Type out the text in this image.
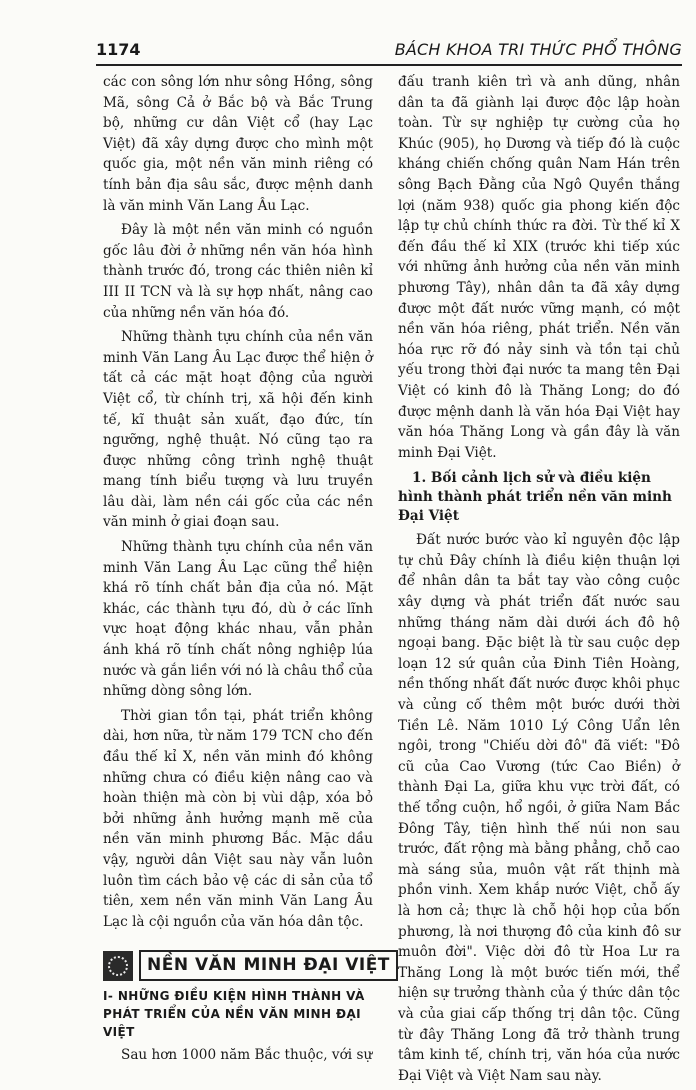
1174	BÁCH KHOA TRI THỨC PHỔ THÔNG

các con sông lớn như sông Hồng, sông Mã, sông Cả ở Bắc bộ và Bắc Trung bộ, những cư dân Việt cổ (hay Lạc Việt) đã xây dựng được cho mình một quốc gia, một nền văn minh riêng có tính bản địa sâu sắc, được mệnh danh là văn minh Văn Lang Âu Lạc.

Đây là một nền văn minh có nguồn gốc lâu đời ở những nền văn hóa hình thành trước đó, trong các thiên niên kỉ III II TCN và là sự hợp nhất, nâng cao của những nền văn hóa đó.

Những thành tựu chính của nền văn minh Văn Lang Âu Lạc được thể hiện ở tất cả các mặt hoạt động của người Việt cổ, từ chính trị, xã hội đến kinh tế, kĩ thuật sản xuất, đạo đức, tín ngưỡng, nghệ thuật. Nó cũng tạo ra được những công trình nghệ thuật mang tính biểu tượng và lưu truyền lâu dài, làm nền cái gốc của các nền văn minh ở giai đoạn sau.

Những thành tựu chính của nền văn minh Văn Lang Âu Lạc cũng thể hiện khá rõ tính chất bản địa của nó. Mặt khác, các thành tựu đó, dù ở các lĩnh vực hoạt động khác nhau, vẫn phản ánh khá rõ tính chất nông nghiệp lúa nước và gắn liền với nó là châu thổ của những dòng sông lớn.

Thời gian tồn tại, phát triển không dài, hơn nữa, từ năm 179 TCN cho đến đầu thế kỉ X, nền văn minh đó không những chưa có điều kiện nâng cao và hoàn thiện mà còn bị vùi dập, xóa bỏ bởi những ảnh hưởng mạnh mẽ của nền văn minh phương Bắc. Mặc dầu vậy, người dân Việt sau này vẫn luôn luôn tìm cách bảo vệ các di sản của tổ tiên, xem nền văn minh Văn Lang Âu Lạc là cội nguồn của văn hóa dân tộc.

NỀN VĂN MINH ĐẠI VIỆT
I- NHỮNG ĐIỀU KIỆN HÌNH THÀNH VÀ PHÁT TRIỂN CỦA NỀN VĂN MINH ĐẠI VIỆT

Sau hơn 1000 năm Bắc thuộc, với sự

đấu tranh kiên trì và anh dũng, nhân dân ta đã giành lại được độc lập hoàn toàn. Từ sự nghiệp tự cường của họ Khúc (905), họ Dương và tiếp đó là cuộc kháng chiến chống quân Nam Hán trên sông Bạch Đằng của Ngô Quyền thắng lợi (năm 938) quốc gia phong kiến độc lập tự chủ chính thức ra đời. Từ thế kỉ X đến đầu thế kỉ XIX (trước khi tiếp xúc với những ảnh hưởng của nền văn minh phương Tây), nhân dân ta đã xây dựng được một đất nước vững mạnh, có một nền văn hóa riêng, phát triển. Nền văn hóa rực rỡ đó nảy sinh và tồn tại chủ yếu trong thời đại nước ta mang tên Đại Việt có kinh đô là Thăng Long; do đó được mệnh danh là văn hóa Đại Việt hay văn hóa Thăng Long và gần đây là văn minh Đại Việt.

1. Bối cảnh lịch sử và điều kiện hình thành phát triển nền văn minh Đại Việt

Đất nước bước vào kỉ nguyên độc lập tự chủ Đây chính là điều kiện thuận lợi để nhân dân ta bắt tay vào công cuộc xây dựng và phát triển đất nước sau những tháng năm dài dưới ách đô hộ ngoại bang. Đặc biệt là từ sau cuộc dẹp loạn 12 sứ quân của Đinh Tiên Hoàng, nền thống nhất đất nước được khôi phục và củng cố thêm một bước dưới thời Tiền Lê. Năm 1010 Lý Công Uẩn lên ngôi, trong "Chiếu dời đô" đã viết: "Đô cũ của Cao Vương (tức Cao Biền) ở thành Đại La, giữa khu vực trời đất, có thế tổng cuộn, hổ ngồi, ở giữa Nam Bắc Đông Tây, tiện hình thế núi non sau trước, đất rộng mà bằng phẳng, chỗ cao mà sáng sủa, muôn vật rất thịnh mà phồn vinh. Xem khắp nước Việt, chỗ ấy là hơn cả; thực là chỗ hội họp của bốn phương, là nơi thượng đô của kinh đô sư muôn đời". Việc dời đô từ Hoa Lư ra Thăng Long là một bước tiến mới, thể hiện sự trưởng thành của ý thức dân tộc và của giai cấp thống trị dân tộc. Cũng từ đây Thăng Long đã trở thành trung tâm kinh tế, chính trị, văn hóa của nước Đại Việt và Việt Nam sau này.
